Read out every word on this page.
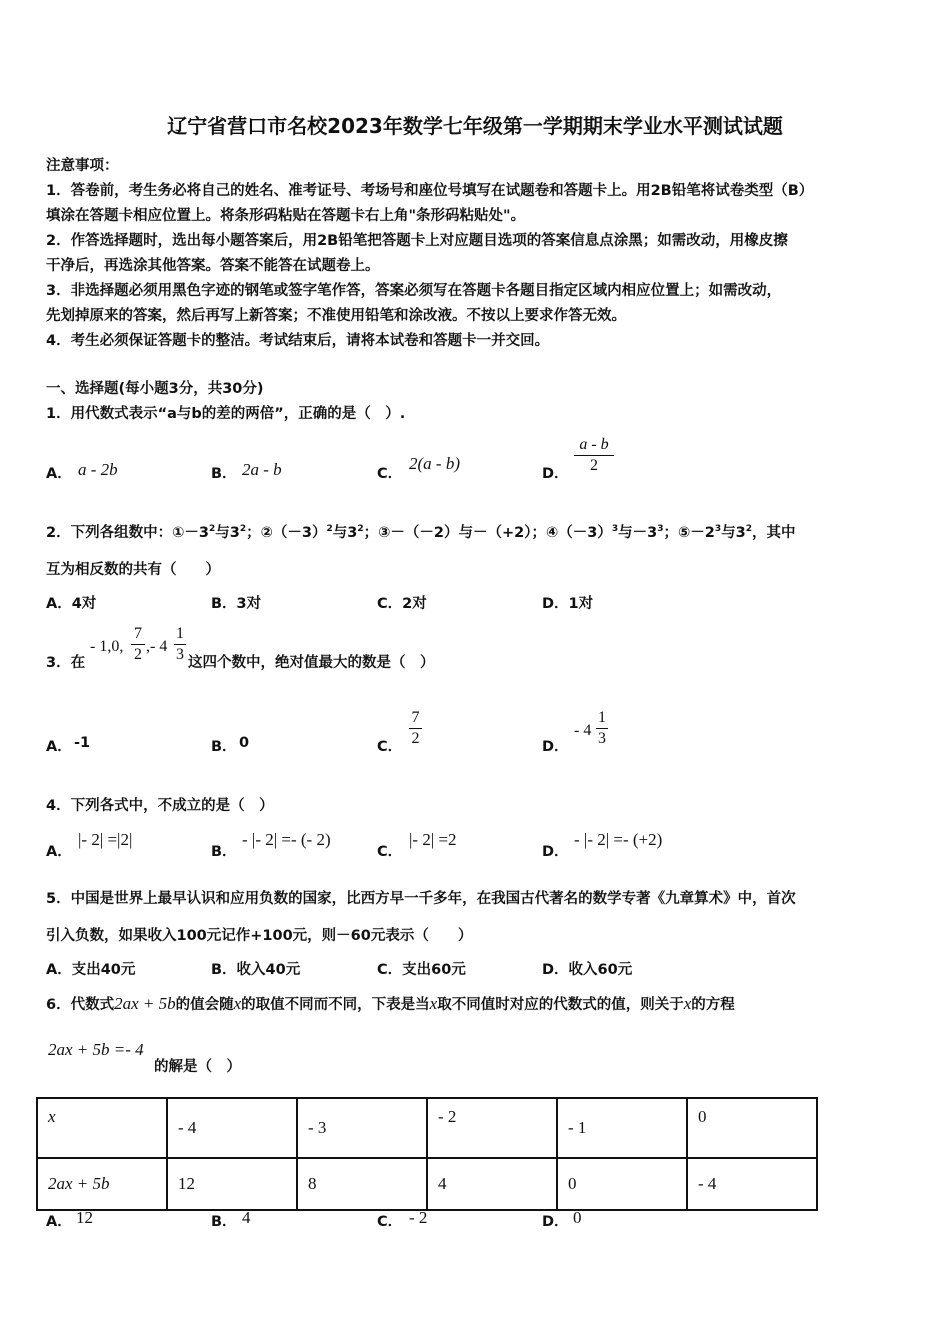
辽宁省营口市名校2023年数学七年级第一学期期末学业水平测试试题
注意事项：
1．答卷前，考生务必将自己的姓名、准考证号、考场号和座位号填写在试题卷和答题卡上。用2B铅笔将试卷类型（B）
填涂在答题卡相应位置上。将条形码粘贴在答题卡右上角"条形码粘贴处"。
2．作答选择题时，选出每小题答案后，用2B铅笔把答题卡上对应题目选项的答案信息点涂黑；如需改动，用橡皮擦
干净后，再选涂其他答案。答案不能答在试题卷上。
3．非选择题必须用黑色字迹的钢笔或签字笔作答，答案必须写在答题卡各题目指定区域内相应位置上；如需改动，
先划掉原来的答案，然后再写上新答案；不准使用铅笔和涂改液。不按以上要求作答无效。
4．考生必须保证答题卡的整洁。考试结束后，请将本试卷和答题卡一并交回。
一、选择题(每小题3分，共30分)
1．用代数式表示“a与b的差的两倍”，正确的是（　）.
A． a - 2b	B． 2a - b	C．
2(a - b)
D．
a - b
2
2．下列各组数中：$①-3^2$与$3^2$；$②(-3)^2$与$3^2$；③－（－2）与－（+2）；$④(-3)^3$与$-3^3$；$⑤-2^3$与$3^2$，其中
互为相反数的共有（　　）
A．4对	B．3对	C．2对	D．1对
3．在
- 1,0,
7
2 ,- 4
1
3 这四个数中，绝对值最大的数是（　）
A． -1	B． 0	C．
7
2	D．
- 4
1
3
4．下列各式中，不成立的是（　）
A．
|- 2| =|2|
B．
- |- 2| =- (- 2)
C．
|- 2| =2
D．
- |- 2| =- (+2)
5．中国是世界上最早认识和应用负数的国家，比西方早一千多年，在我国古代著名的数学专著《九章算术》中，首次
引入负数，如果收入100元记作+100元，则－60元表示（　　）
A．支出40元	B．收入40元	C．支出60元	D．收入60元
6．代数式2ax + 5b的值会随x的取值不同而不同，下表是当x取不同值时对应的代数式的值，则关于x的方程
2ax + 5b =- 4
的解是（　）
x	- 4	- 3	- 2	- 1	0
2ax + 5b	12	8	4	0	- 4
A． 12	B． 4	C． - 2	D． 0
